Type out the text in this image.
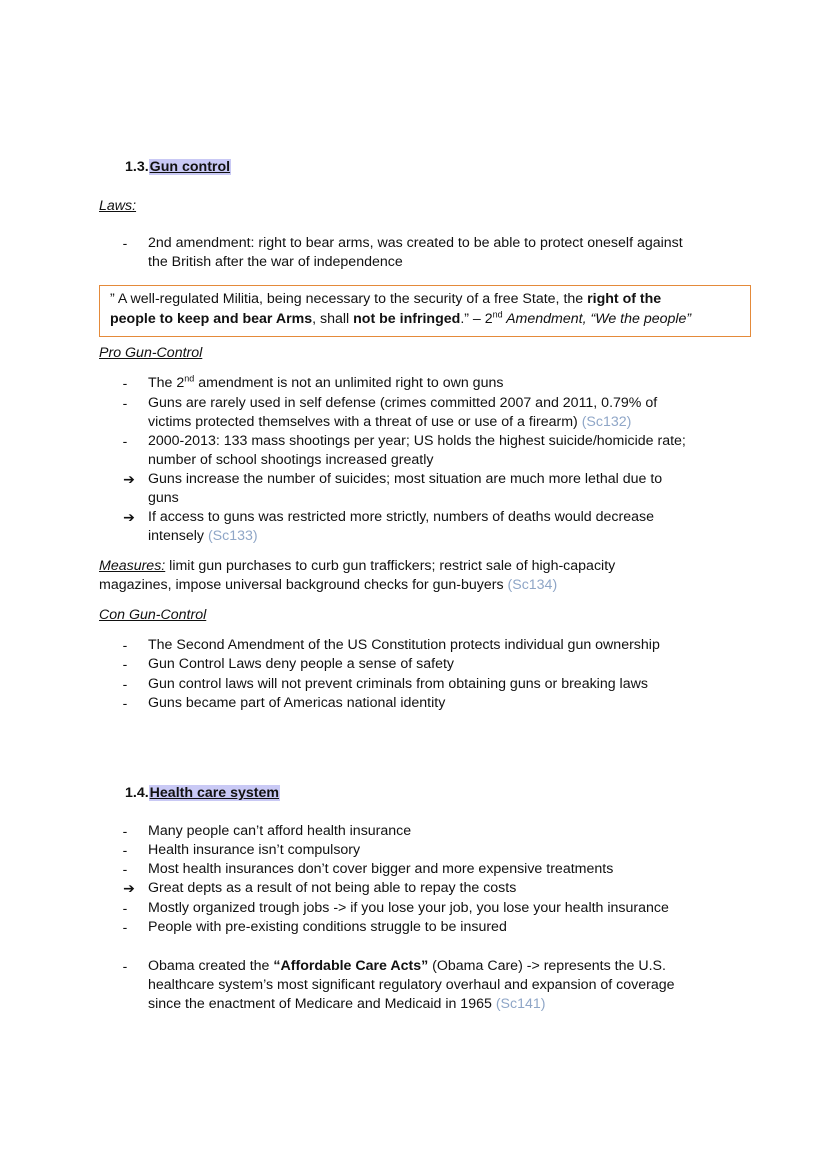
1.3.Gun control
Laws:
-	2nd amendment: right to bear arms, was created to be able to protect oneself against
the British after the war of independence
” A well-regulated Militia, being necessary to the security of a free State, the right of the
people to keep and bear Arms, shall not be infringed.” – 2nd Amendment, “We the people”
Pro Gun-Control
-	The 2nd amendment is not an unlimited right to own guns
-	Guns are rarely used in self defense (crimes committed 2007 and 2011, 0.79% of
victims protected themselves with a threat of use or use of a firearm) (Sc132)
-	2000-2013: 133 mass shootings per year; US holds the highest suicide/homicide rate;
number of school shootings increased greatly
➔ Guns increase the number of suicides; most situation are much more lethal due to
guns
➔ If access to guns was restricted more strictly, numbers of deaths would decrease
intensely (Sc133)
Measures: limit gun purchases to curb gun traffickers; restrict sale of high-capacity
magazines, impose universal background checks for gun-buyers (Sc134)
Con Gun-Control
-	The Second Amendment of the US Constitution protects individual gun ownership
-	Gun Control Laws deny people a sense of safety
-	Gun control laws will not prevent criminals from obtaining guns or breaking laws
-	Guns became part of Americas national identity
1.4.Health care system
-	Many people can’t afford health insurance
-	Health insurance isn’t compulsory
-	Most health insurances don’t cover bigger and more expensive treatments
➔ Great depts as a result of not being able to repay the costs
-	Mostly organized trough jobs -> if you lose your job, you lose your health insurance
-	People with pre-existing conditions struggle to be insured
-	Obama created the “Affordable Care Acts” (Obama Care) -> represents the U.S.
healthcare system’s most significant regulatory overhaul and expansion of coverage
since the enactment of Medicare and Medicaid in 1965 (Sc141)
